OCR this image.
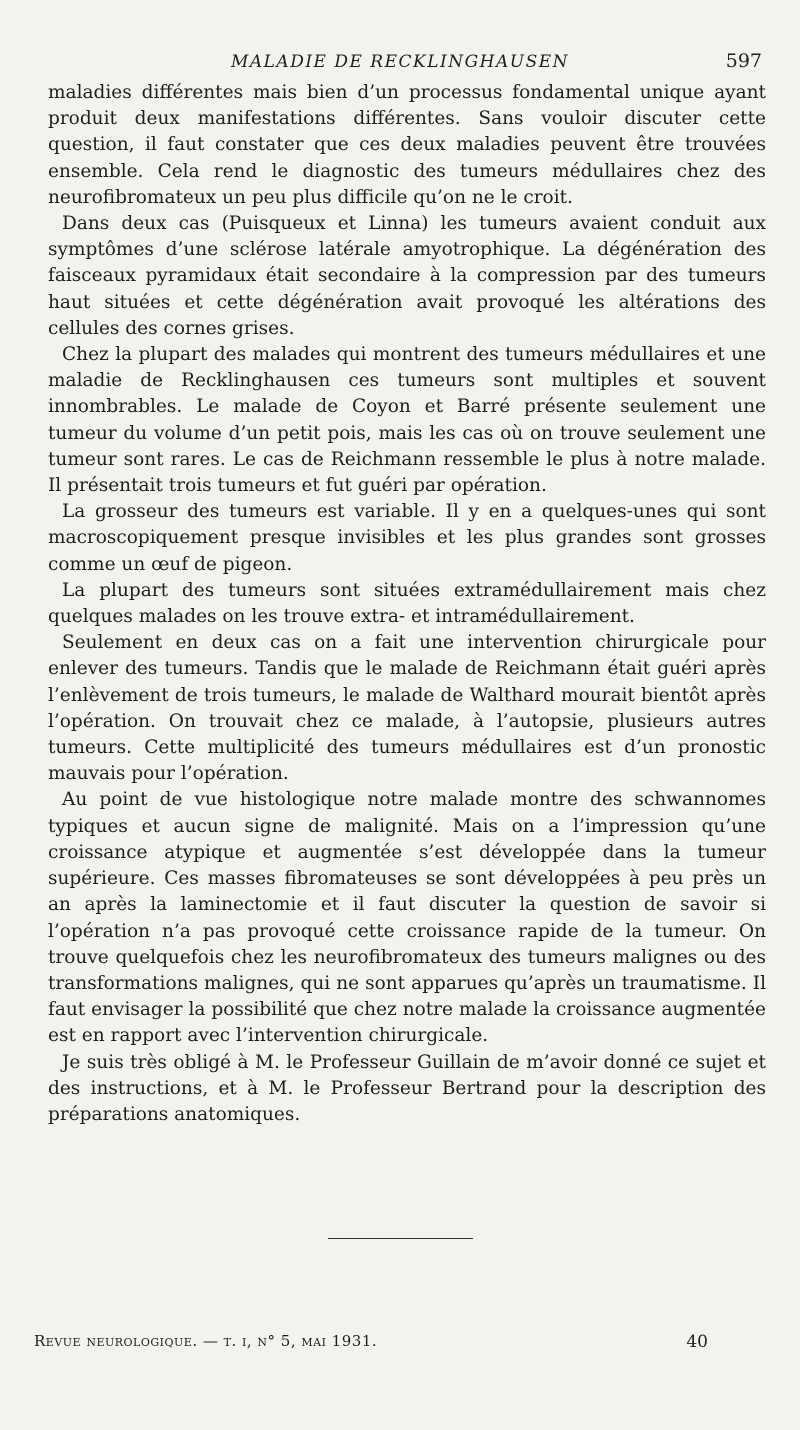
MALADIE DE RECKLINGHAUSEN	597

maladies différentes mais bien d’un processus fondamental unique ayant produit deux manifestations différentes. Sans vouloir discuter cette question, il faut constater que ces deux maladies peuvent être trouvées ensemble. Cela rend le diagnostic des tumeurs médullaires chez des neurofibromateux un peu plus difficile qu’on ne le croit.

Dans deux cas (Puisqueux et Linna) les tumeurs avaient conduit aux symptômes d’une sclérose latérale amyotrophique. La dégénération des faisceaux pyramidaux était secondaire à la compression par des tumeurs haut situées et cette dégénération avait provoqué les altérations des cellules des cornes grises.

Chez la plupart des malades qui montrent des tumeurs médullaires et une maladie de Recklinghausen ces tumeurs sont multiples et souvent innombrables. Le malade de Coyon et Barré présente seulement une tumeur du volume d’un petit pois, mais les cas où on trouve seulement une tumeur sont rares. Le cas de Reichmann ressemble le plus à notre malade. Il présentait trois tumeurs et fut guéri par opération.

La grosseur des tumeurs est variable. Il y en a quelques-unes qui sont macroscopiquement presque invisibles et les plus grandes sont grosses comme un œuf de pigeon.

La plupart des tumeurs sont situées extramédullairement mais chez quelques malades on les trouve extra- et intramédullairement.

Seulement en deux cas on a fait une intervention chirurgicale pour enlever des tumeurs. Tandis que le malade de Reichmann était guéri après l’enlèvement de trois tumeurs, le malade de Walthard mourait bientôt après l’opération. On trouvait chez ce malade, à l’autopsie, plusieurs autres tumeurs. Cette multiplicité des tumeurs médullaires est d’un pronostic mauvais pour l’opération.

Au point de vue histologique notre malade montre des schwannomes typiques et aucun signe de malignité. Mais on a l’impression qu’une croissance atypique et augmentée s’est développée dans la tumeur supérieure. Ces masses fibromateuses se sont développées à peu près un an après la laminectomie et il faut discuter la question de savoir si l’opération n’a pas provoqué cette croissance rapide de la tumeur. On trouve quelquefois chez les neurofibromateux des tumeurs malignes ou des transformations malignes, qui ne sont apparues qu’après un traumatisme. Il faut envisager la possibilité que chez notre malade la croissance augmentée est en rapport avec l’intervention chirurgicale.

Je suis très obligé à M. le Professeur Guillain de m’avoir donné ce sujet et des instructions, et à M. le Professeur Bertrand pour la description des préparations anatomiques.

Revue neurologique. — t. i, n° 5, mai 1931.	40
